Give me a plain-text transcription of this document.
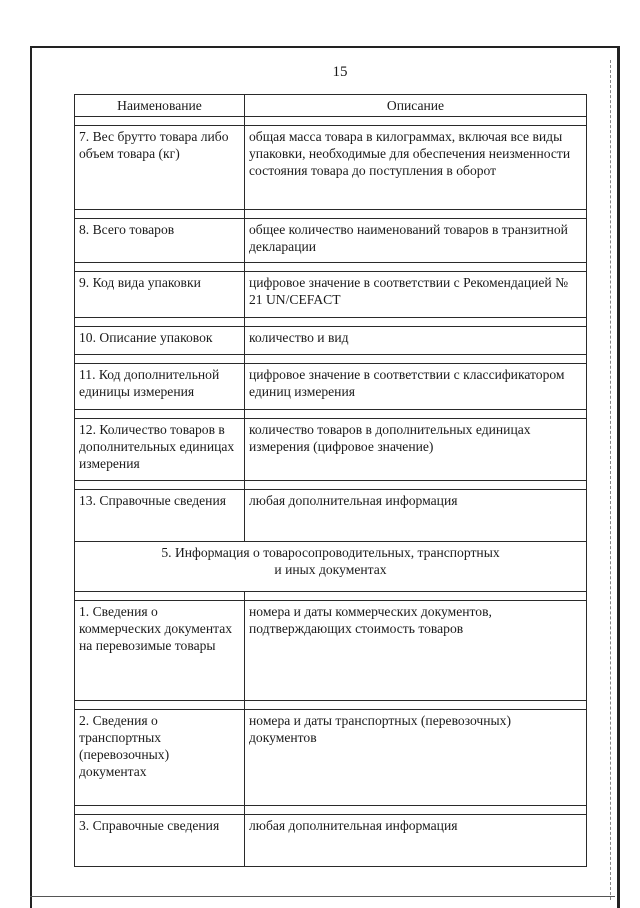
15
Наименование	Описание

7. Вес брутто товара либо объем товара (кг)	общая масса товара в килограммах, включая все виды упаковки, необходимые для обеспечения неизменности состояния товара до поступления в оборот

8. Всего товаров	общее количество наименований товаров в транзитной декларации

9. Код вида упаковки	цифровое значение в соответствии с Рекомендацией № 21 UN/CEFACT

10. Описание упаковок	количество и вид

11. Код дополнительной единицы измерения	цифровое значение в соответствии с классификатором единиц измерения

12. Количество товаров в дополнительных единицах измерения	количество товаров в дополнительных единицах измерения (цифровое значение)

13. Справочные сведения	любая дополнительная информация

5. Информация о товаросопроводительных, транспортных
и иных документах	

1. Сведения о коммерческих документах на перевозимые товары	номера и даты коммерческих документов, подтверждающих стоимость товаров

2. Сведения о транспортных (перевозочных) документах	номера и даты транспортных (перевозочных) документов

3. Справочные сведения	любая дополнительная информация
